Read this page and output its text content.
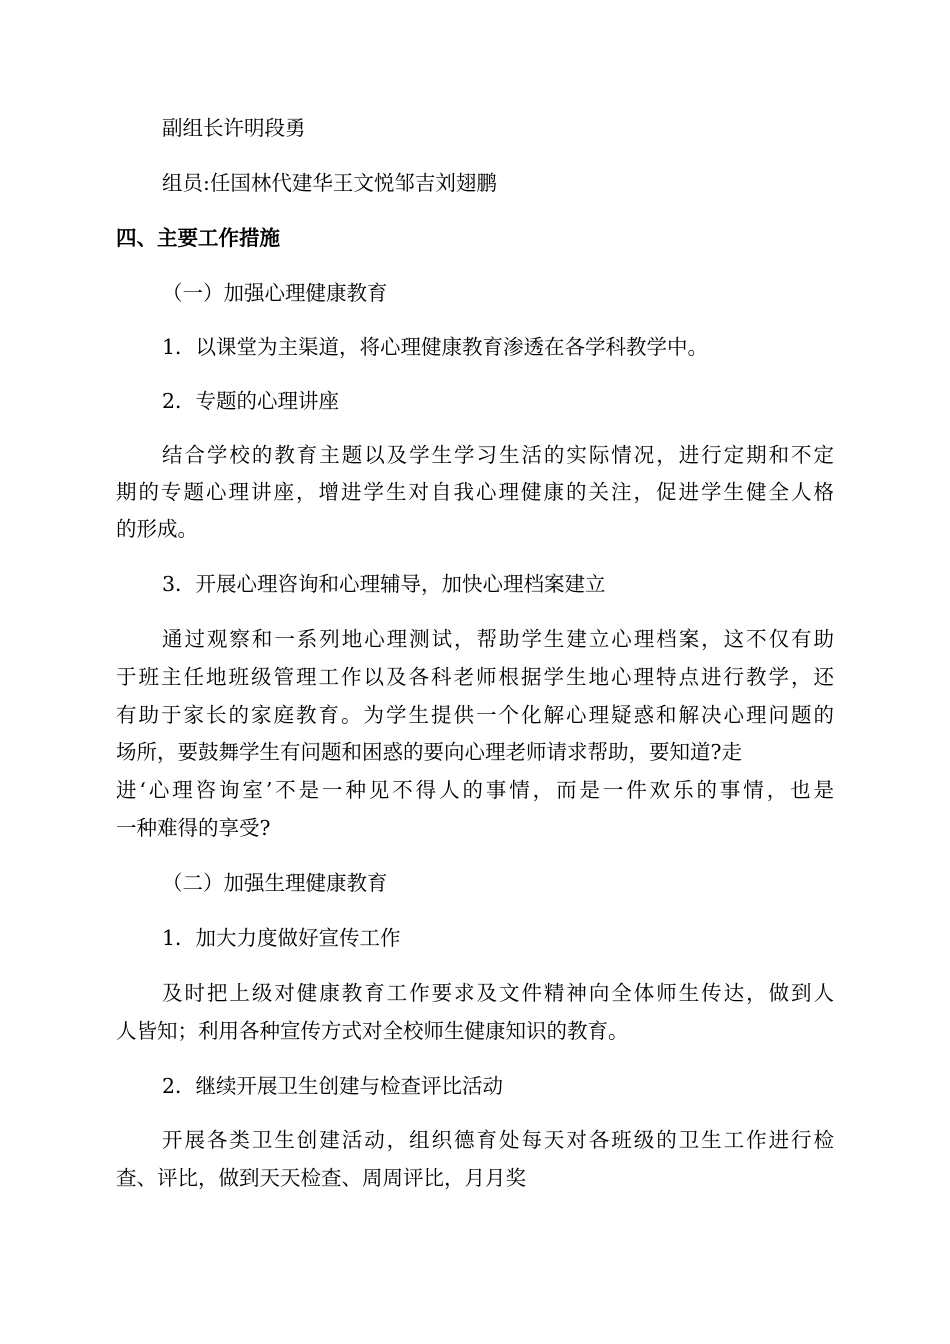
副组长许明段勇

组员:任国林代建华王文悦邹吉刘翅鹏

四、主要工作措施

（一）加强心理健康教育

1．以课堂为主渠道，将心理健康教育渗透在各学科教学中。

2．专题的心理讲座

结合学校的教育主题以及学生学习生活的实际情况，进行定期和不定

期的专题心理讲座，增进学生对自我心理健康的关注，促进学生健全人格

的形成。

3．开展心理咨询和心理辅导，加快心理档案建立

通过观察和一系列地心理测试，帮助学生建立心理档案，这不仅有助

于班主任地班级管理工作以及各科老师根据学生地心理特点进行教学，还

有助于家长的家庭教育。为学生提供一个化解心理疑惑和解决心理问题的

场所，要鼓舞学生有问题和困惑的要向心理老师请求帮助，要知道?走

进‘心理咨询室’不是一种见不得人的事情，而是一件欢乐的事情，也是

一种难得的享受?

（二）加强生理健康教育

1．加大力度做好宣传工作

及时把上级对健康教育工作要求及文件精神向全体师生传达，做到人

人皆知；利用各种宣传方式对全校师生健康知识的教育。

2．继续开展卫生创建与检查评比活动

开展各类卫生创建活动，组织德育处每天对各班级的卫生工作进行检

查、评比，做到天天检查、周周评比，月月奖
